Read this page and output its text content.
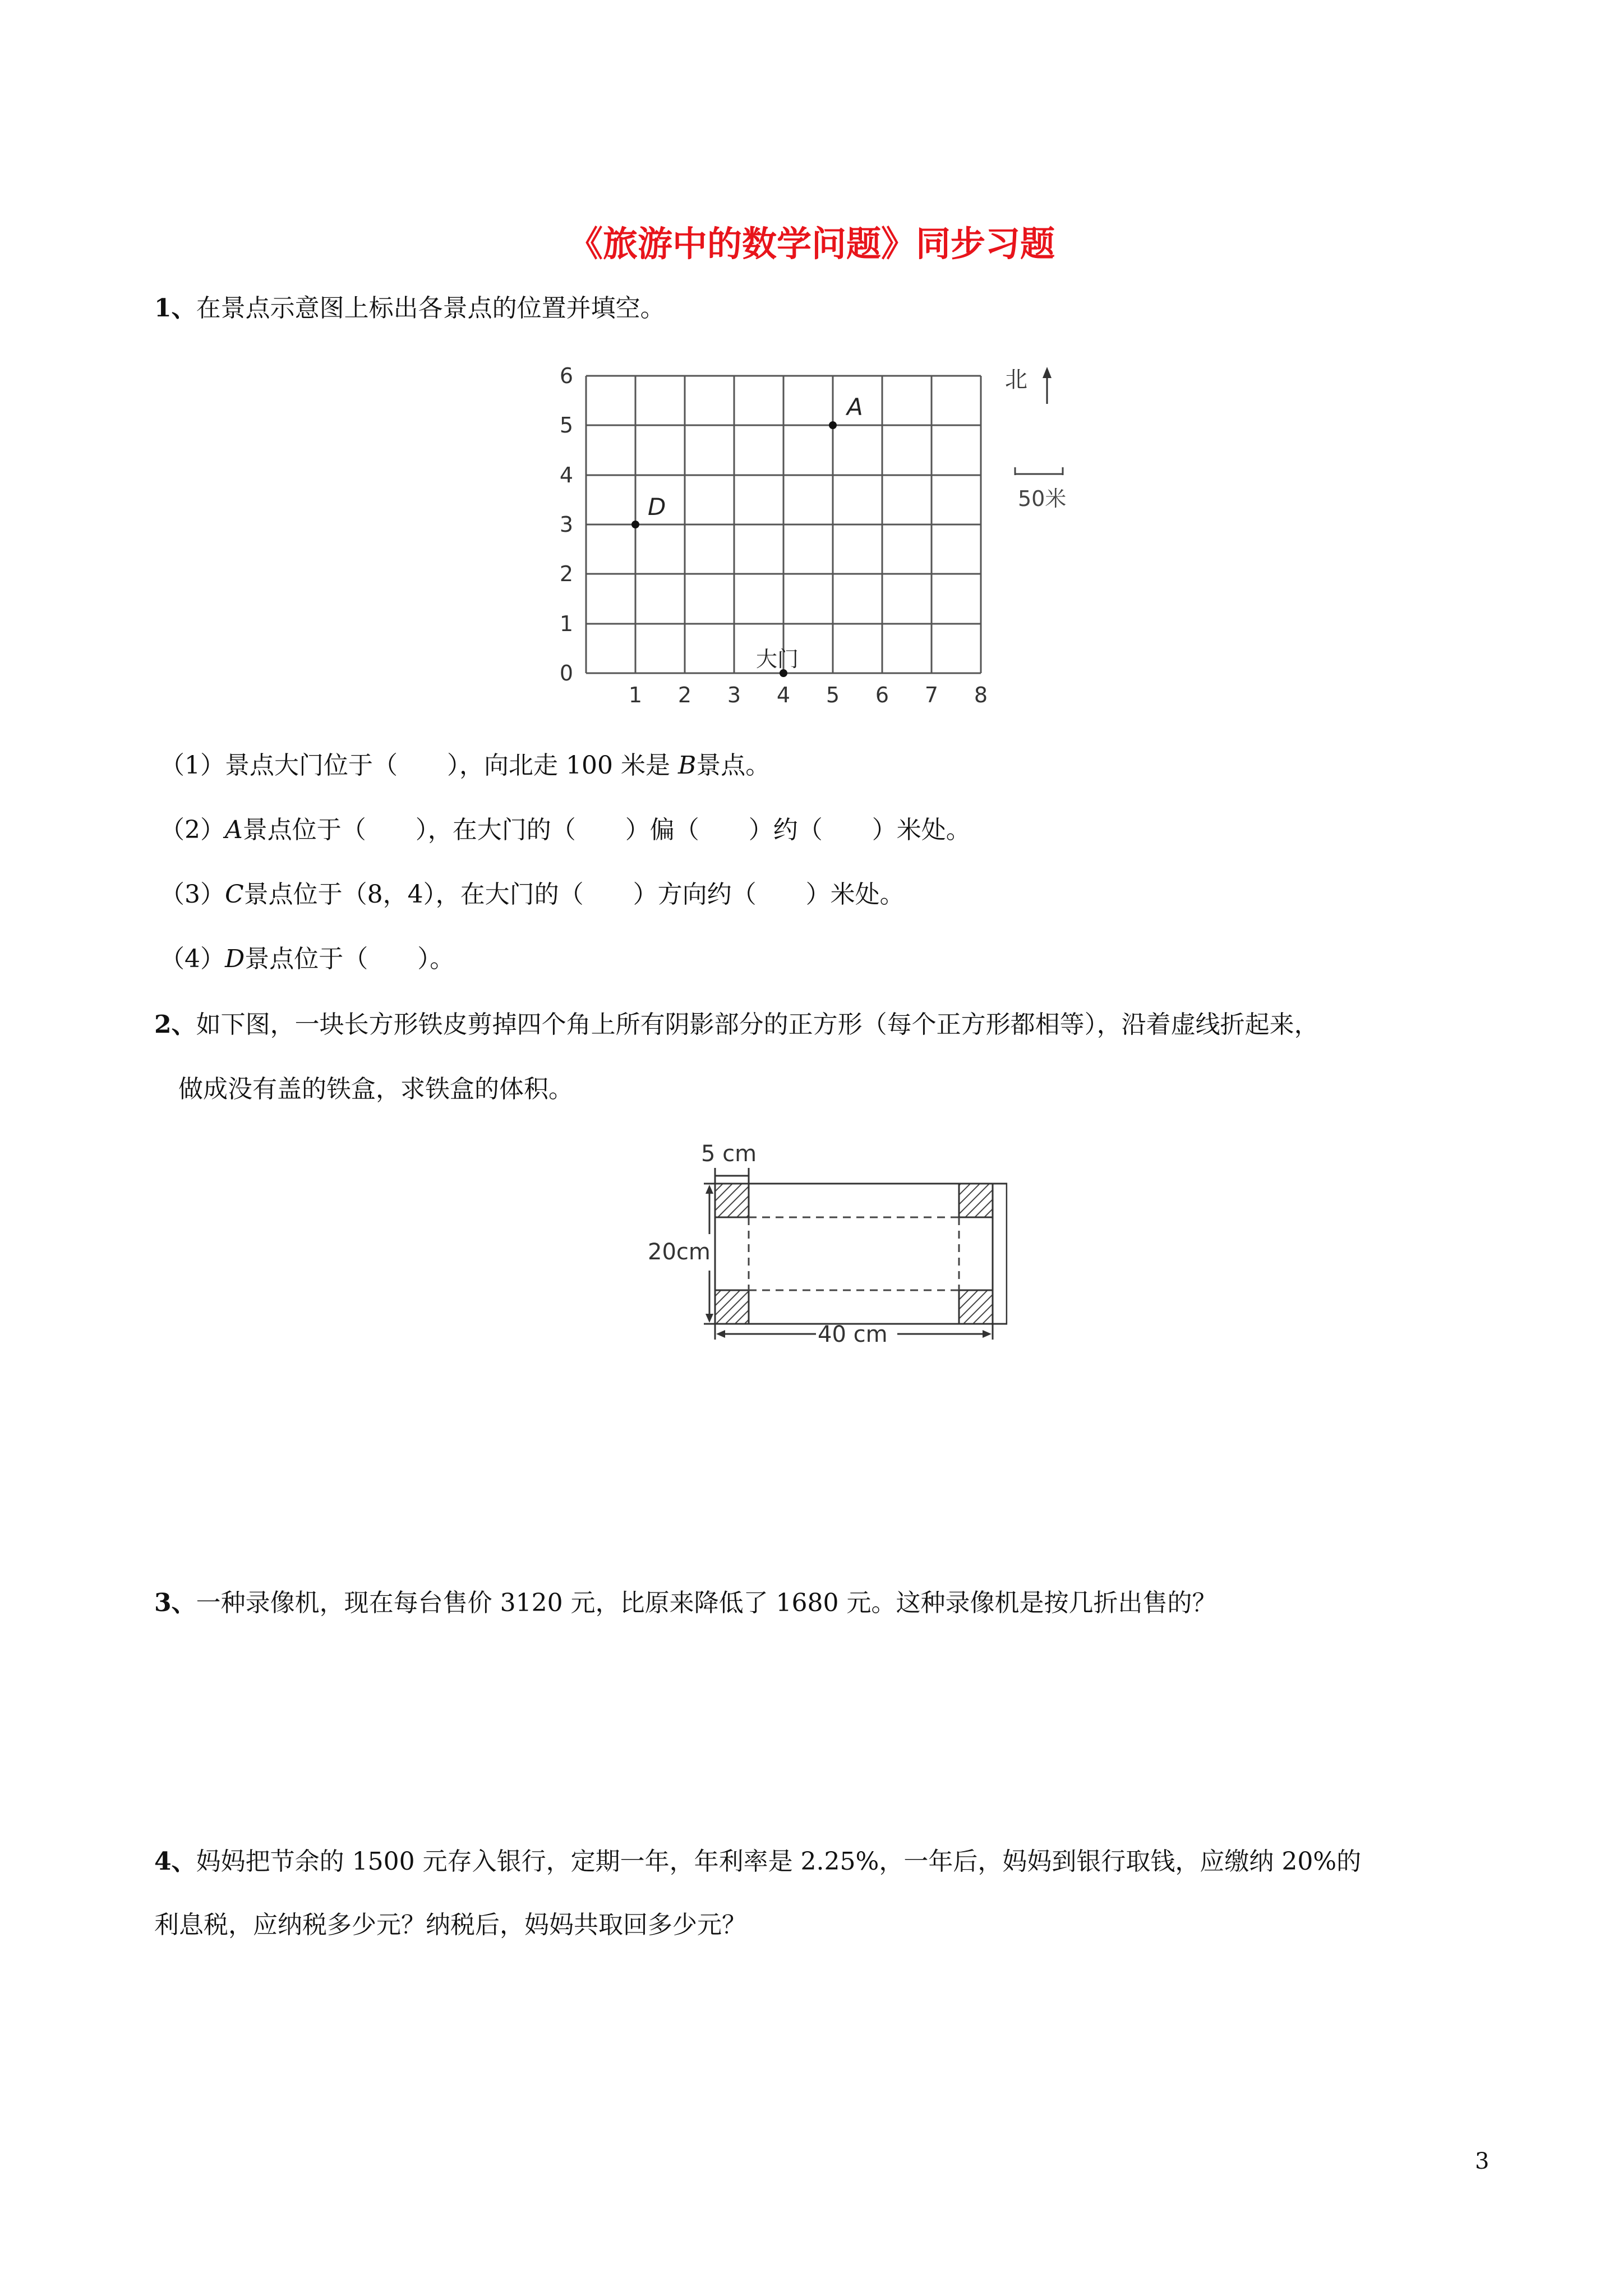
《旅游中的数学问题》同步习题
1、在景点示意图上标出各景点的位置并填空。
1 2 3 4 5 6 7 8
0
1
2
3
4
5
6
A
D
大门
北
50米
（1）景点大门位于（　　），向北走 100 米是 B景点。
（2）A景点位于（　　），在大门的（　　）偏（　　）约（　　）米处。
（3）C景点位于（8，4），在大门的（　　）方向约（　　）米处。
（4）D景点位于（　　）。
2、如下图，一块长方形铁皮剪掉四个角上所有阴影部分的正方形（每个正方形都相等），沿着虚线折起来，
做成没有盖的铁盒，求铁盒的体积。
5 cm
20cm
40 cm
3、一种录像机，现在每台售价 3120 元，比原来降低了 1680 元。这种录像机是按几折出售的？
4、妈妈把节余的 1500 元存入银行，定期一年，年利率是 2.25%，一年后，妈妈到银行取钱，应缴纳 20%的
利息税，应纳税多少元？纳税后，妈妈共取回多少元？
3
